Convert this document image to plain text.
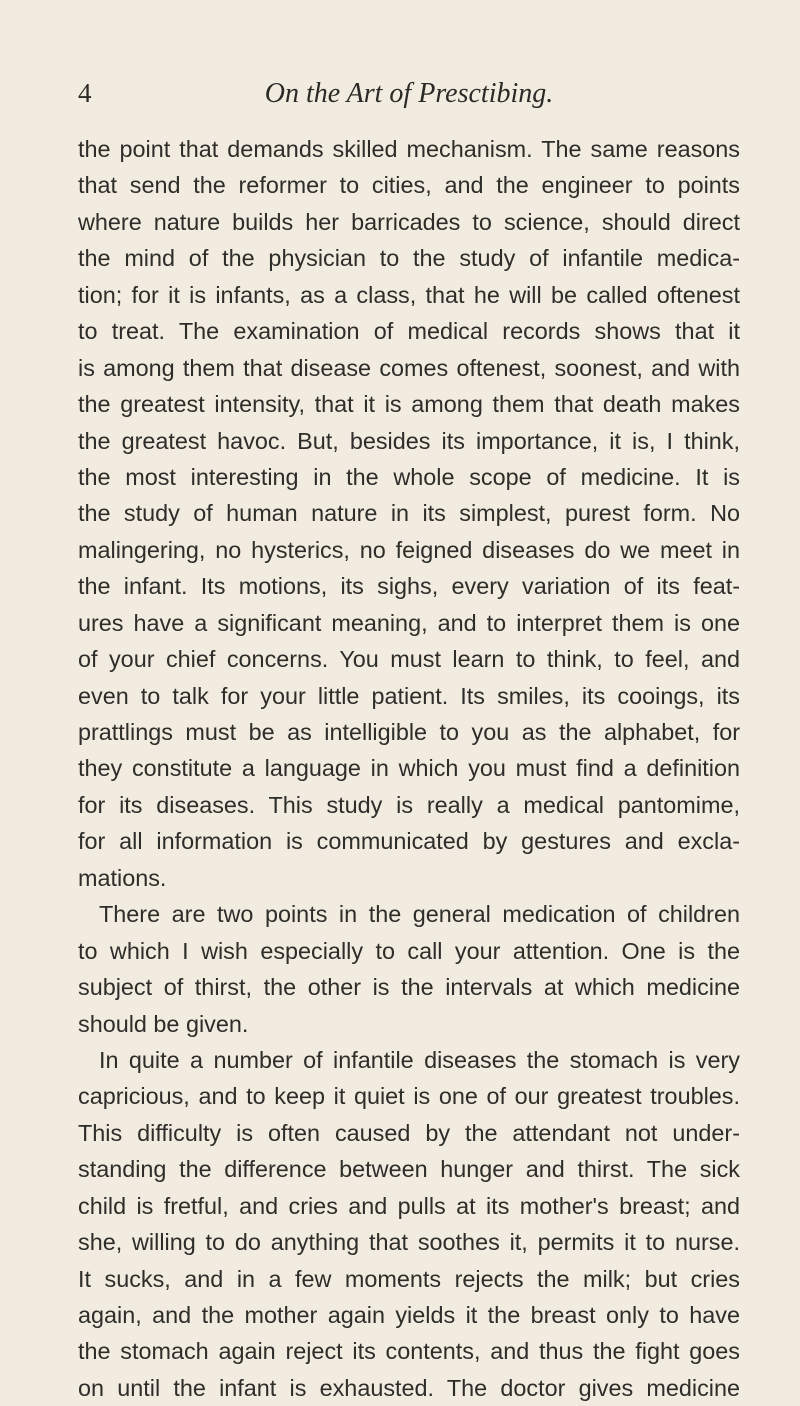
4	On the Art of Presctibing.
the point that demands skilled mechanism. The same reasons
that send the reformer to cities, and the engineer to points
where nature builds her barricades to science, should direct
the mind of the physician to the study of infantile medica-
tion; for it is infants, as a class, that he will be called oftenest
to treat. The examination of medical records shows that it
is among them that disease comes oftenest, soonest, and with
the greatest intensity, that it is among them that death makes
the greatest havoc. But, besides its importance, it is, I think,
the most interesting in the whole scope of medicine. It is
the study of human nature in its simplest, purest form. No
malingering, no hysterics, no feigned diseases do we meet in
the infant. Its motions, its sighs, every variation of its feat-
ures have a significant meaning, and to interpret them is one
of your chief concerns. You must learn to think, to feel, and
even to talk for your little patient. Its smiles, its cooings, its
prattlings must be as intelligible to you as the alphabet, for
they constitute a language in which you must find a definition
for its diseases. This study is really a medical pantomime,
for all information is communicated by gestures and excla-
mations.
There are two points in the general medication of children
to which I wish especially to call your attention. One is the
subject of thirst, the other is the intervals at which medicine
should be given.
In quite a number of infantile diseases the stomach is very
capricious, and to keep it quiet is one of our greatest troubles.
This difficulty is often caused by the attendant not under-
standing the difference between hunger and thirst. The sick
child is fretful, and cries and pulls at its mother's breast; and
she, willing to do anything that soothes it, permits it to nurse.
It sucks, and in a few moments rejects the milk; but cries
again, and the mother again yields it the breast only to have
the stomach again reject its contents, and thus the fight goes
on until the infant is exhausted. The doctor gives medicine
